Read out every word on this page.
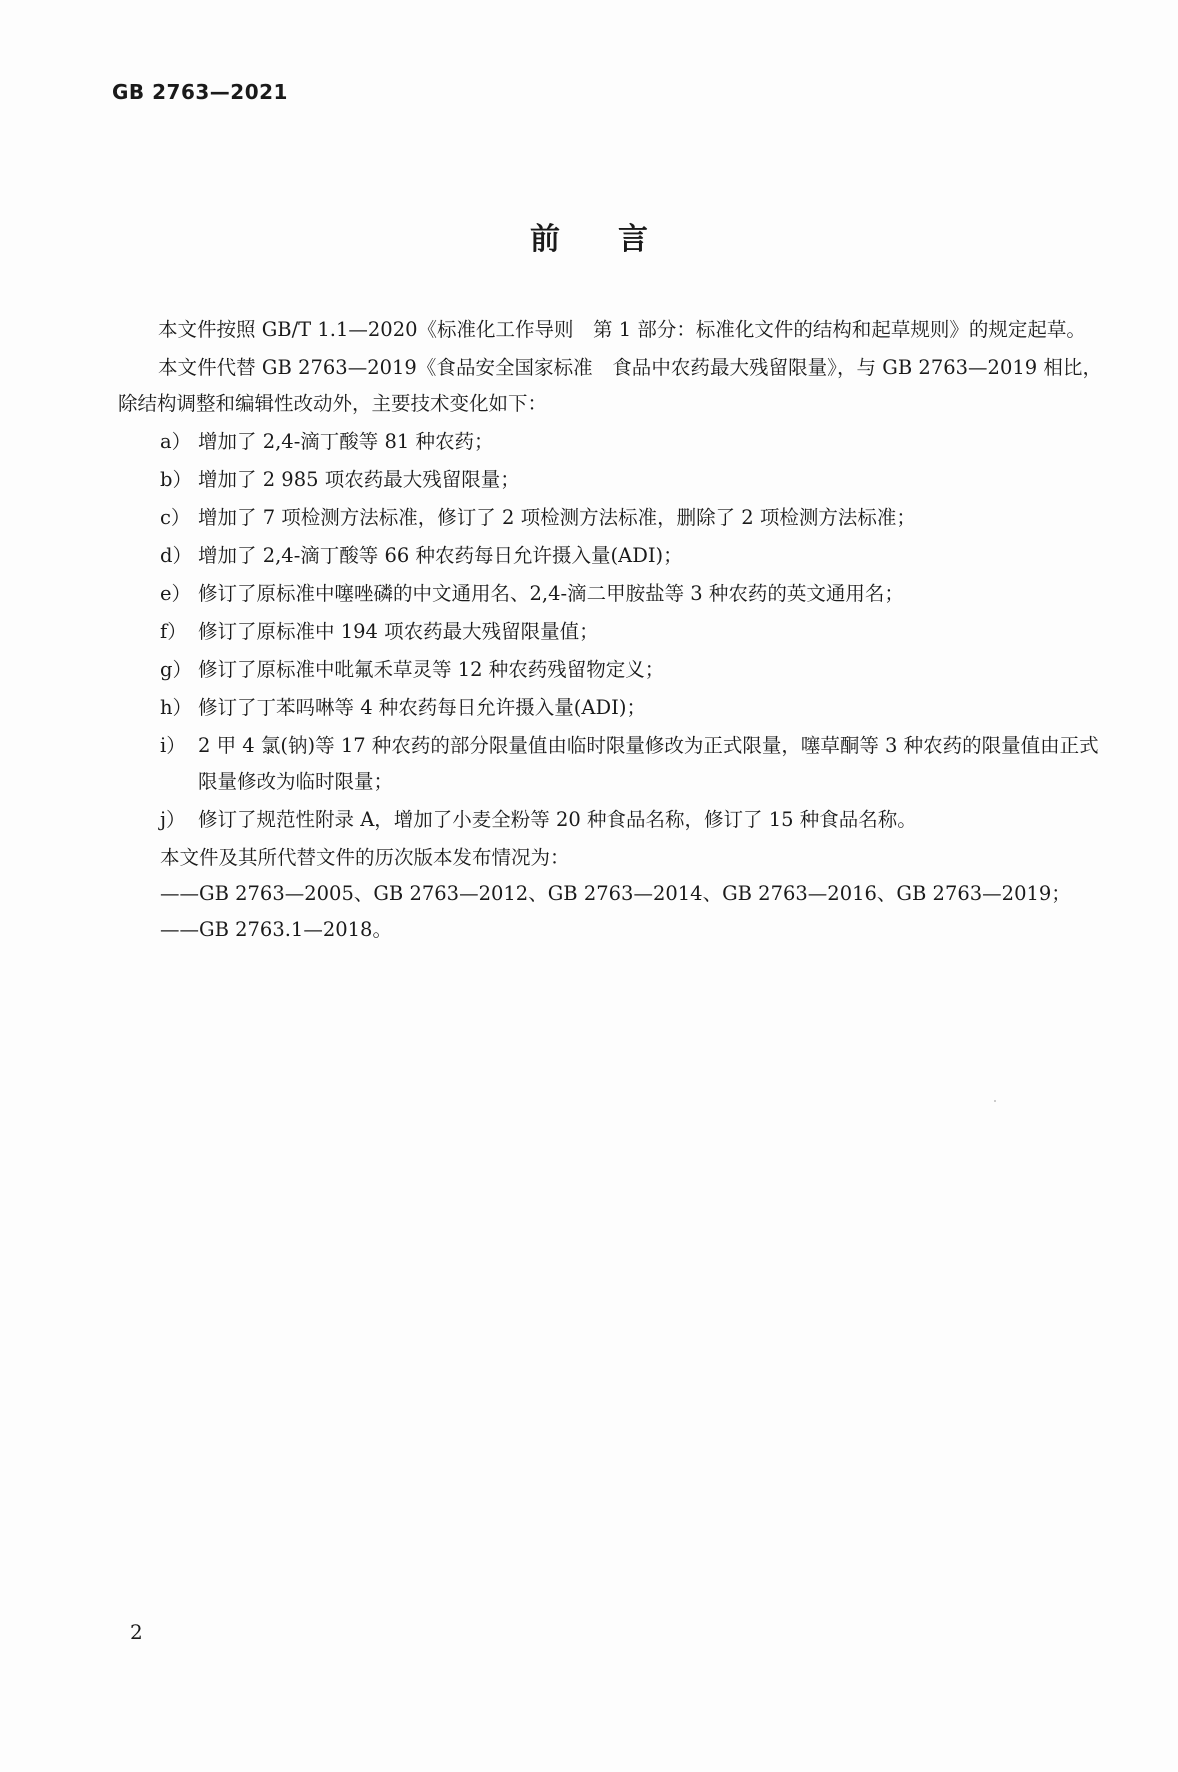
GB 2763—2021
前言

本文件按照 GB/T 1.1—2020《标准化工作导则　第 1 部分：标准化文件的结构和起草规则》的规定起草。

本文件代替 GB 2763—2019《食品安全国家标准　食品中农药最大残留限量》，与 GB 2763—2019 相比，除结构调整和编辑性改动外，主要技术变化如下：

a） 增加了 2,4-滴丁酸等 81 种农药；
b） 增加了 2 985 项农药最大残留限量；
c） 增加了 7 项检测方法标准，修订了 2 项检测方法标准，删除了 2 项检测方法标准；
d） 增加了 2,4-滴丁酸等 66 种农药每日允许摄入量(ADI)；
e） 修订了原标准中噻唑磷的中文通用名、2,4-滴二甲胺盐等 3 种农药的英文通用名；
f） 修订了原标准中 194 项农药最大残留限量值；
g） 修订了原标准中吡氟禾草灵等 12 种农药残留物定义；
h） 修订了丁苯吗啉等 4 种农药每日允许摄入量(ADI)；
i） 2 甲 4 氯(钠)等 17 种农药的部分限量值由临时限量修改为正式限量，噻草酮等 3 种农药的限量值由正式限量修改为临时限量；
j） 修订了规范性附录 A，增加了小麦全粉等 20 种食品名称，修订了 15 种食品名称。

本文件及其所代替文件的历次版本发布情况为：

——GB 2763—2005、GB 2763—2012、GB 2763—2014、GB 2763—2016、GB 2763—2019；

——GB 2763.1—2018。

2
